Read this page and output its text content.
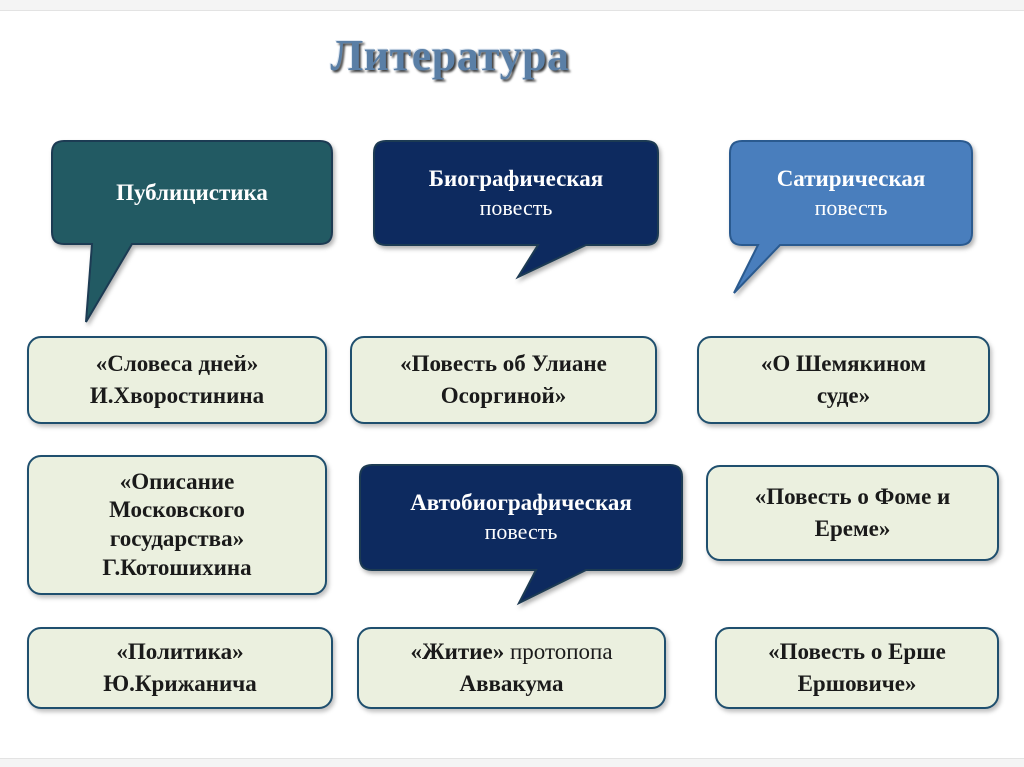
Литература
Публицистика
Биографическая
повесть
Сатирическая
повесть
Автобиографическая
повесть
«Словеса дней»
И.Хворостинина
«Описание
Московского
государства»
Г.Котошихина
«Политика»
Ю.Крижанича
«Повесть об Улиане
Осоргиной»
«Житие» протопопа
Аввакума
«О Шемякином
суде»
«Повесть о Фоме и
Ереме»
«Повесть о Ерше
Ершовиче»
